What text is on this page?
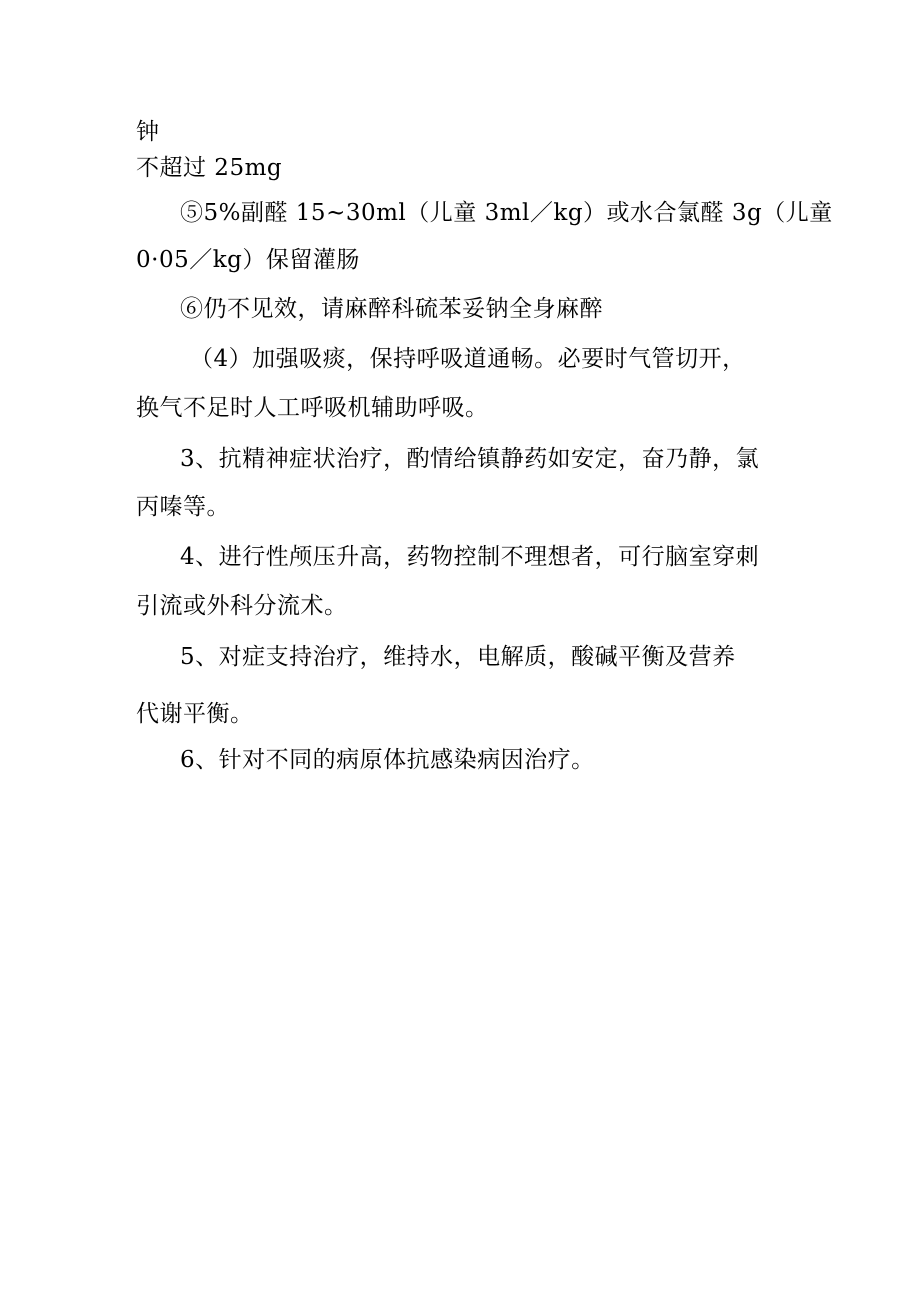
钟
不超过 25mg
⑤5%副醛 15~30ml（儿童 3ml／kg）或水合氯醛 3g（儿童
0·05／kg）保留灌肠
⑥仍不见效，请麻醉科硫苯妥钠全身麻醉
（4）加强吸痰，保持呼吸道通畅。必要时气管切开，
换气不足时人工呼吸机辅助呼吸。
3、抗精神症状治疗，酌情给镇静药如安定，奋乃静，氯
丙嗪等。
4、进行性颅压升高，药物控制不理想者，可行脑室穿刺
引流或外科分流术。
5、对症支持治疗，维持水，电解质，酸碱平衡及营养
代谢平衡。
6、针对不同的病原体抗感染病因治疗。
